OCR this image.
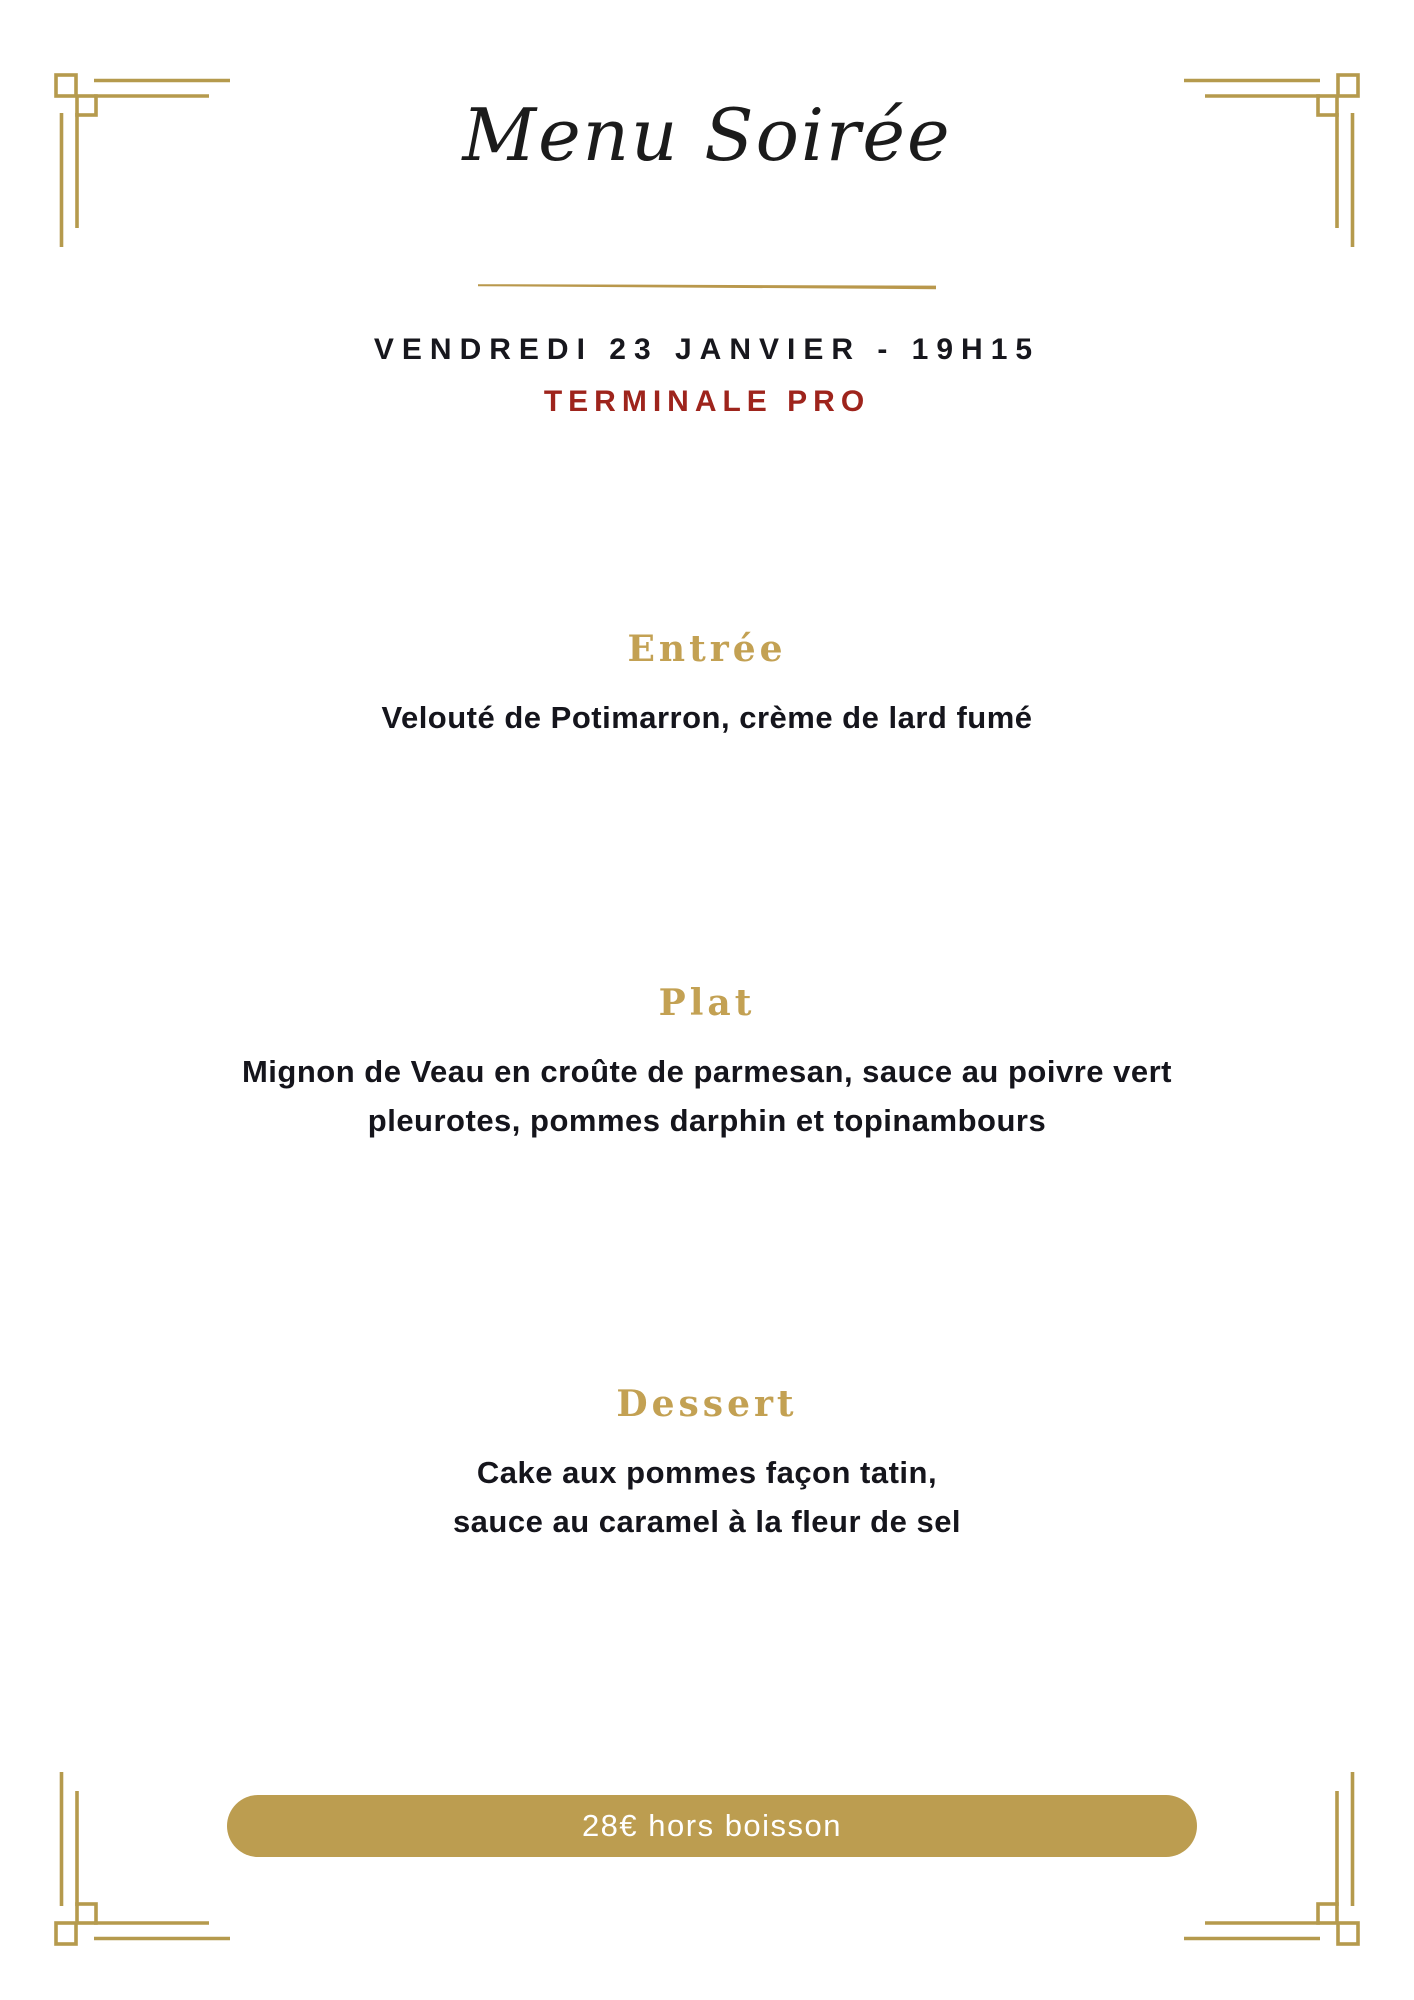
Menu Soirée

VENDREDI 23 JANVIER - 19H15

TERMINALE PRO

Entrée

Velouté de Potimarron, crème de lard fumé

Plat

Mignon de Veau en croûte de parmesan, sauce au poivre vert
pleurotes, pommes darphin et topinambours

Dessert

Cake aux pommes façon tatin,
sauce au caramel à la fleur de sel

28€ hors boisson
